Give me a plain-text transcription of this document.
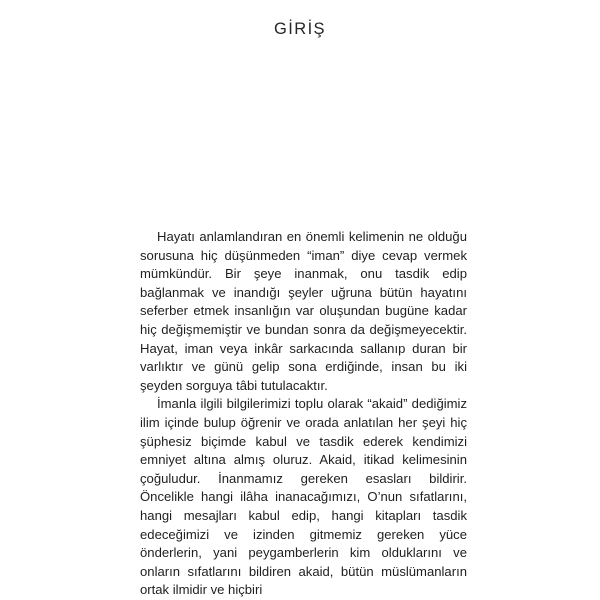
GİRİŞ

Hayatı anlamlandıran en önemli kelimenin ne olduğu sorusuna hiç düşünmeden “iman” diye cevap vermek mümkündür. Bir şeye inanmak, onu tasdik edip bağlanmak ve inandığı şeyler uğruna bütün hayatını seferber etmek insanlığın var oluşundan bugüne kadar hiç değişmemiştir ve bundan sonra da değişmeyecektir. Hayat, iman veya inkâr sarkacında sallanıp duran bir varlıktır ve günü gelip sona erdiğinde, insan bu iki şeyden sorguya tâbi tutulacaktır.

İmanla ilgili bilgilerimizi toplu olarak “akaid” dediğimiz ilim içinde bulup öğrenir ve orada anlatılan her şeyi hiç şüphesiz biçimde kabul ve tasdik ederek kendimizi emniyet altına almış oluruz. Akaid, itikad kelimesinin çoğuludur. İnanmamız gereken esasları bildirir. Öncelikle hangi ilâha inanacağımızı, O’nun sıfatlarını, hangi mesajları kabul edip, hangi kitapları tasdik edeceğimizi ve izinden gitmemiz gereken yüce önderlerin, yani peygamberlerin kim olduklarını ve onların sıfatlarını bildiren akaid, bütün müslümanların ortak ilmidir ve hiçbiri
